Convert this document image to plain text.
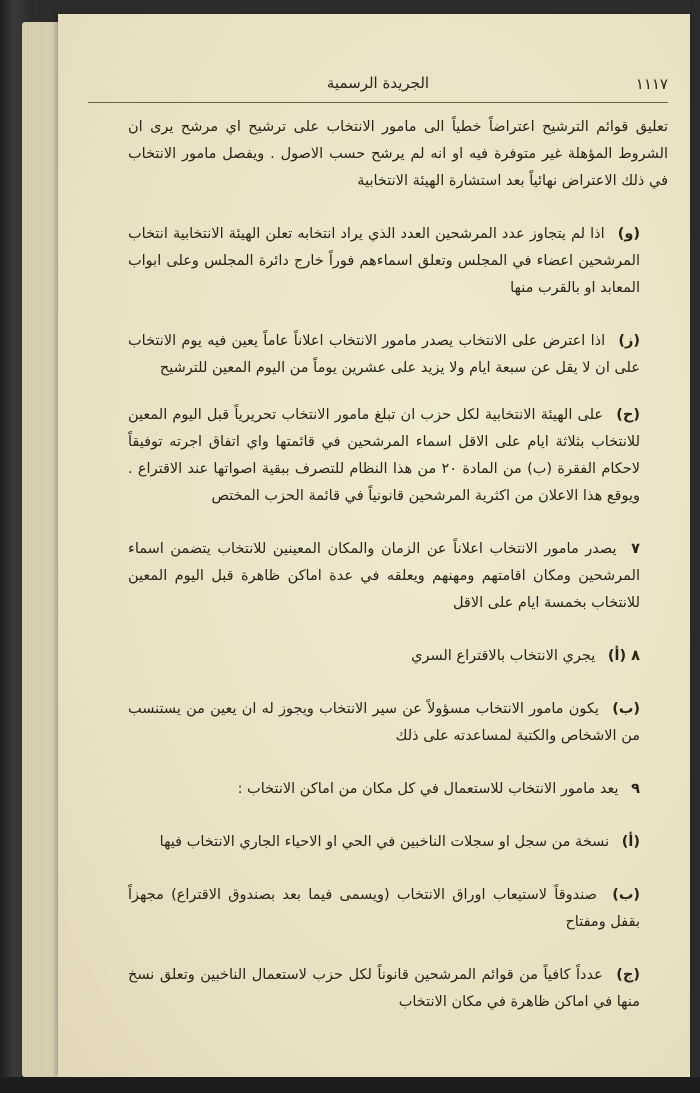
الجريدة الرسمية	١١١٧

تعليق قوائم الترشيح اعتراضاً خطياً الى مامور الانتخاب على ترشيح اي مرشح يرى ان الشروط المؤهلة غير متوفرة فيه او انه لم يرشح حسب الاصول . ويفصل مامور الانتخاب في ذلك الاعتراض نهائياً بعد استشارة الهيئة الانتخابية

(و) اذا لم يتجاوز عدد المرشحين العدد الذي يراد انتخابه تعلن الهيئة الانتخابية انتخاب المرشحين اعضاء في المجلس وتعلق اسماءهم فوراً خارج دائرة المجلس وعلى ابواب المعابد او بالقرب منها

(ز) اذا اعترض على الانتخاب يصدر مامور الانتخاب اعلاناً عاماً يعين فيه يوم الانتخاب على ان لا يقل عن سبعة ايام ولا يزيد على عشرين يوماً من اليوم المعين للترشيح

(ح) على الهيئة الانتخابية لكل حزب ان تبلغ مامور الانتخاب تحريرياً قبل اليوم المعين للانتخاب بثلاثة ايام على الاقل اسماء المرشحين في قائمتها واي اتفاق اجرته توفيقاً لاحكام الفقرة (ب) من المادة ٢٠ من هذا النظام للتصرف ببقية اصواتها عند الاقتراع . ويوقع هذا الاعلان من اكثرية المرشحين قانونياً في قائمة الحزب المختص

٧ يصدر مامور الانتخاب اعلاناً عن الزمان والمكان المعينين للانتخاب يتضمن اسماء المرشحين ومكان اقامتهم ومهنهم ويعلقه في عدة اماكن ظاهرة قبل اليوم المعين للانتخاب بخمسة ايام على الاقل

٨ (أ) يجري الانتخاب بالاقتراع السري

(ب) يكون مامور الانتخاب مسؤولاً عن سير الانتخاب ويجوز له ان يعين من يستنسب من الاشخاص والكتبة لمساعدته على ذلك

٩ يعد مامور الانتخاب للاستعمال في كل مكان من اماكن الانتخاب :

(أ) نسخة من سجل او سجلات الناخبين في الحي او الاحياء الجاري الانتخاب فيها

(ب) صندوقاً لاستيعاب اوراق الانتخاب (ويسمى فيما بعد بصندوق الاقتراع) مجهزاً بقفل ومفتاح

(ج) عدداً كافياً من قوائم المرشحين قانوناً لكل حزب لاستعمال الناخبين وتعلق نسخ منها في اماكن ظاهرة في مكان الانتخاب
